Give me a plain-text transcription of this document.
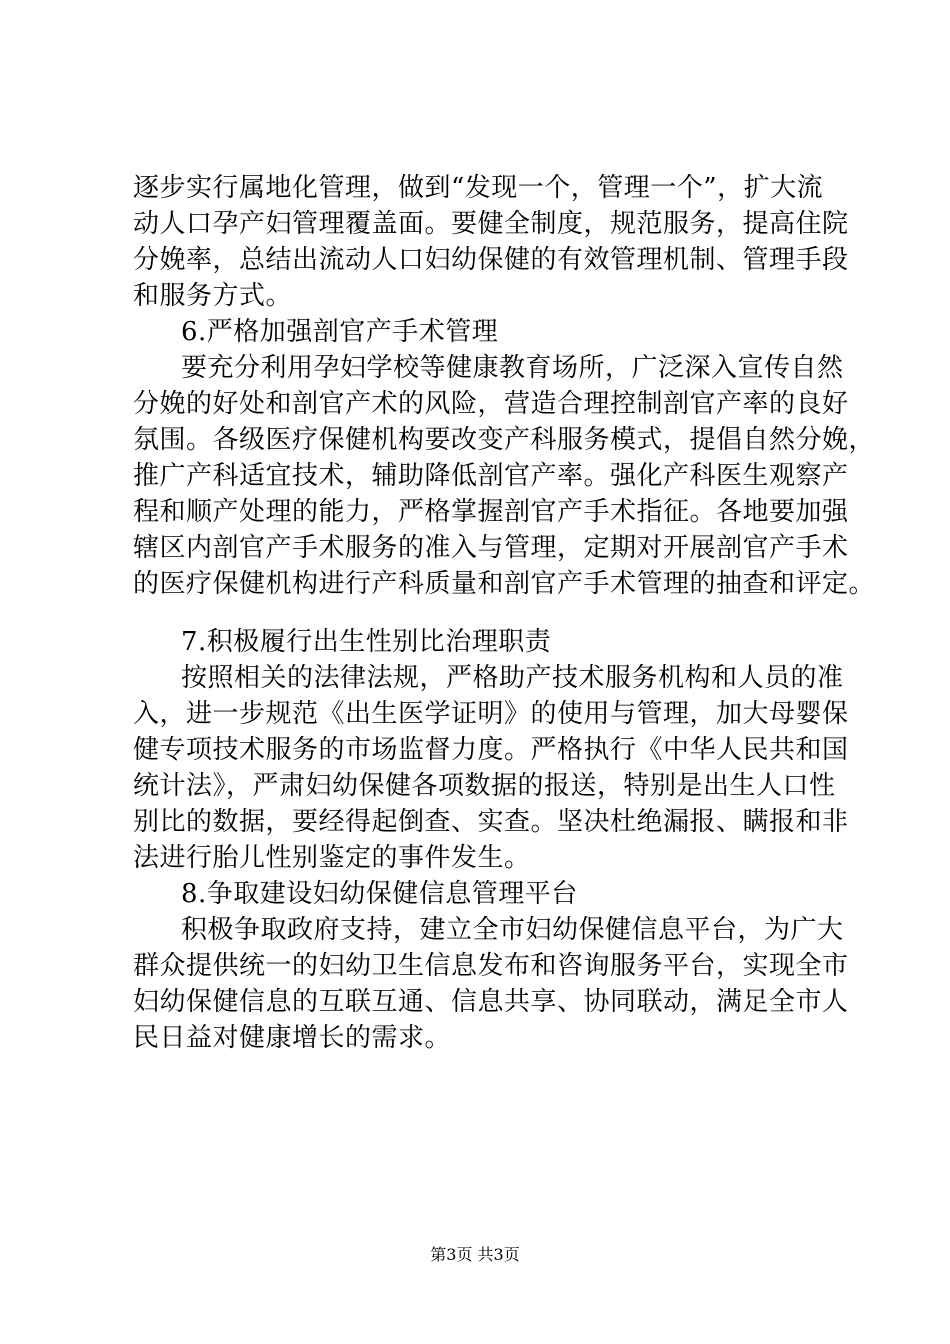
逐步实行属地化管理，做到“发现一个，管理一个”，扩大流
动人口孕产妇管理覆盖面。要健全制度，规范服务，提高住院
分娩率，总结出流动人口妇幼保健的有效管理机制、管理手段
和服务方式。
6.严格加强剖官产手术管理
要充分利用孕妇学校等健康教育场所，广泛深入宣传自然
分娩的好处和剖官产术的风险，营造合理控制剖官产率的良好
氛围。各级医疗保健机构要改变产科服务模式，提倡自然分娩，
推广产科适宜技术，辅助降低剖官产率。强化产科医生观察产
程和顺产处理的能力，严格掌握剖官产手术指征。各地要加强
辖区内剖官产手术服务的准入与管理，定期对开展剖官产手术
的医疗保健机构进行产科质量和剖官产手术管理的抽查和评定。
7.积极履行出生性别比治理职责
按照相关的法律法规，严格助产技术服务机构和人员的准
入，进一步规范《出生医学证明》的使用与管理，加大母婴保
健专项技术服务的市场监督力度。严格执行《中华人民共和国
统计法》，严肃妇幼保健各项数据的报送，特别是出生人口性
别比的数据，要经得起倒查、实查。坚决杜绝漏报、瞒报和非
法进行胎儿性别鉴定的事件发生。
8.争取建设妇幼保健信息管理平台
积极争取政府支持，建立全市妇幼保健信息平台，为广大
群众提供统一的妇幼卫生信息发布和咨询服务平台，实现全市
妇幼保健信息的互联互通、信息共享、协同联动，满足全市人
民日益对健康增长的需求。
第3页 共3页
